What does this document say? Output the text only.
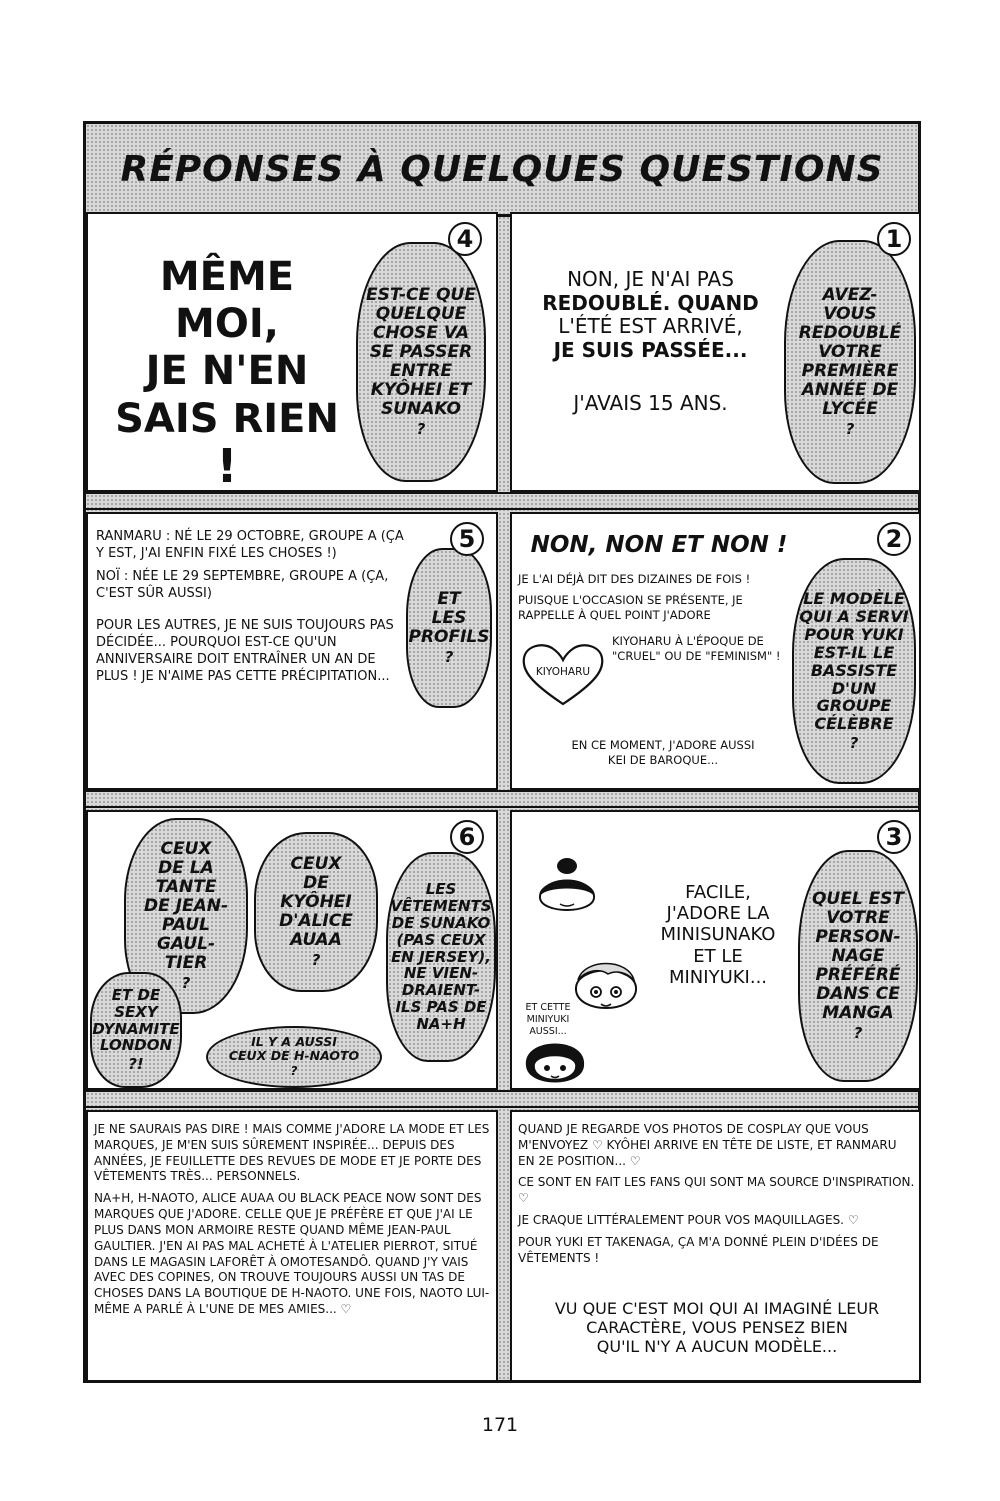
RÉPONSES À QUELQUES QUESTIONS
4
MÊME MOI,
JE N'EN
SAIS RIEN
!
EST-CE QUE
QUELQUE
CHOSE VA
SE PASSER
ENTRE
KYÔHEI ET
SUNAKO
?
1
NON, JE N'AI PAS
REDOUBLÉ. QUAND
L'ÉTÉ EST ARRIVÉ,
JE SUIS PASSÉE...
J'AVAIS 15 ANS.
AVEZ-
VOUS
REDOUBLÉ
VOTRE
PREMIÈRE
ANNÉE DE
LYCÉE
?
5

RANMARU : NÉ LE 29 OCTOBRE, GROUPE A (ÇA Y EST, J'AI ENFIN FIXÉ LES CHOSES !)

NOÏ : NÉE LE 29 SEPTEMBRE, GROUPE A (ÇA, C'EST SÛR AUSSI)

POUR LES AUTRES, JE NE SUIS TOUJOURS PAS DÉCIDÉE... POURQUOI EST-CE QU'UN ANNIVERSAIRE DOIT ENTRAÎNER UN AN DE PLUS ! JE N'AIME PAS CETTE PRÉCIPITATION...

ET
LES
PROFILS
?
2
NON, NON ET NON !

JE L'AI DÉJÀ DIT DES DIZAINES DE FOIS !

PUISQUE L'OCCASION SE PRÉSENTE, JE RAPPELLE À QUEL POINT J'ADORE

KIYOHARU
KIYOHARU À L'ÉPOQUE DE "CRUEL" OU DE "FEMINISM" !
EN CE MOMENT, J'ADORE AUSSI KEI DE BAROQUE...
LE MODÈLE
QUI A SERVI
POUR YUKI
EST-IL LE
BASSISTE
D'UN
GROUPE
CÉLÈBRE
?
6
CEUX
DE LA
TANTE
DE JEAN-
PAUL
GAUL-
TIER
?
CEUX
DE
KYÔHEI
D'ALICE
AUAA
?
LES
VÊTEMENTS
DE SUNAKO
(PAS CEUX
EN JERSEY),
NE VIEN-
DRAIENT-
ILS PAS DE
NA+H
ET DE
SEXY
DYNAMITE
LONDON
?!
IL Y A AUSSI
CEUX DE H-NAOTO
?
3
ET CETTE
MINIYUKI
AUSSI...
FACILE,
J'ADORE LA
MINISUNAKO
ET LE
MINIYUKI...
QUEL EST
VOTRE
PERSON-
NAGE
PRÉFÉRÉ
DANS CE
MANGA
?

JE NE SAURAIS PAS DIRE ! MAIS COMME J'ADORE LA MODE ET LES MARQUES, JE M'EN SUIS SÛREMENT INSPIRÉE... DEPUIS DES ANNÉES, JE FEUILLETTE DES REVUES DE MODE ET JE PORTE DES VÊTEMENTS TRÈS... PERSONNELS.

NA+H, H-NAOTO, ALICE AUAA OU BLACK PEACE NOW SONT DES MARQUES QUE J'ADORE. CELLE QUE JE PRÉFÈRE ET QUE J'AI LE PLUS DANS MON ARMOIRE RESTE QUAND MÊME JEAN-PAUL GAULTIER. J'EN AI PAS MAL ACHETÉ À L'ATELIER PIERROT, SITUÉ DANS LE MAGASIN LAFORÊT À OMOTESANDÔ. QUAND J'Y VAIS AVEC DES COPINES, ON TROUVE TOUJOURS AUSSI UN TAS DE CHOSES DANS LA BOUTIQUE DE H-NAOTO. UNE FOIS, NAOTO LUI-MÊME A PARLÉ À L'UNE DE MES AMIES... ♡

QUAND JE REGARDE VOS PHOTOS DE COSPLAY QUE VOUS M'ENVOYEZ ♡ KYÔHEI ARRIVE EN TÊTE DE LISTE, ET RANMARU EN 2E POSITION... ♡

CE SONT EN FAIT LES FANS QUI SONT MA SOURCE D'INSPIRATION. ♡

JE CRAQUE LITTÉRALEMENT POUR VOS MAQUILLAGES. ♡

POUR YUKI ET TAKENAGA, ÇA M'A DONNÉ PLEIN D'IDÉES DE VÊTEMENTS !

VU QUE C'EST MOI QUI AI IMAGINÉ LEUR
CARACTÈRE, VOUS PENSEZ BIEN
QU'IL N'Y A AUCUN MODÈLE...
171
